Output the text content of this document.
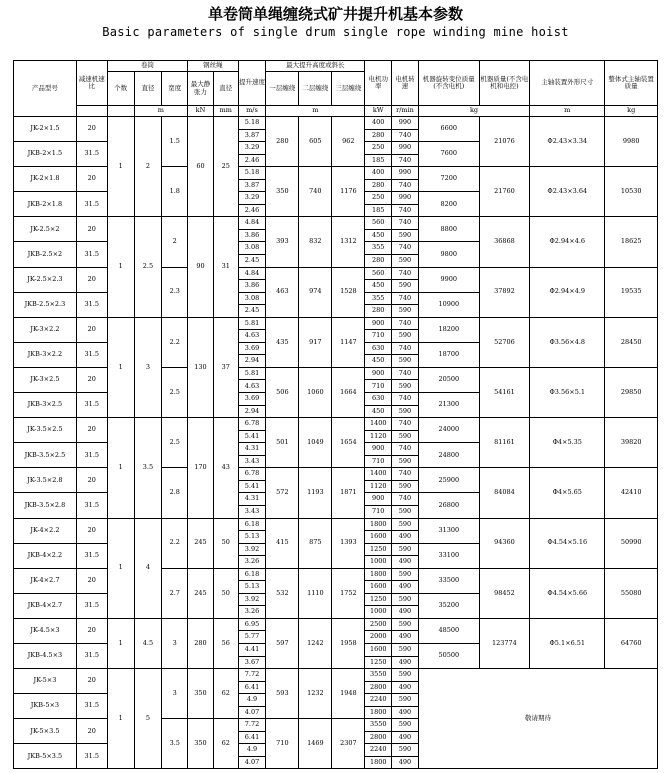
单卷筒单绳缠绕式矿井提升机基本参数
Basic parameters of single drum single rope winding mine hoist
产品型号	减速机速比	卷筒			钢丝绳		提升速度	最大提升高度或斜长			电机功率	电机转速	机器旋转变位质量(不含电机)	机器质量(不含电机和电控)	主轴装置外形尺寸	整体式主轴装置质量
		个数	直径	宽度	最大静张力	直径		一层缠绕	二层缠绕	三层缠绕						
			m		kN	mm	m/s	m			kW	r/min	kg		m	kg
JK-2×1.5	20	1	2	1.5	60	25	5.18	280	605	962	400	990	6600	21076	Φ2.43×3.34	9980
							3.87				280	740				
JKB-2×1.5	31.5						3.29				250	990	7600			
							2.46				185	740				
JK-2×1.8	20			1.8			5.18	350	740	1176	400	990	7200	21760	Φ2.43×3.64	10530
							3.87				280	740				
JKB-2×1.8	31.5						3.29				250	990	8200			
							2.46				185	740				
JK-2.5×2	20	1	2.5	2	90	31	4.84	393	832	1312	560	740	8800	36868	Φ2.94×4.6	18625
							3.86				450	590				
JKB-2.5×2	31.5						3.08				355	740	9800			
							2.45				280	590				
JK-2.5×2.3	20			2.3			4.84	463	974	1528	560	740	9900	37892	Φ2.94×4.9	19535
							3.86				450	590				
JKB-2.5×2.3	31.5						3.08				355	740	10900			
							2.45				280	590				
JK-3×2.2	20	1	3	2.2	130	37	5.81	435	917	1147	900	740	18200	52706	Φ3.56×4.8	28450
							4.63				710	590				
JKB-3×2.2	31.5						3.69				630	740	18700			
							2.94				450	590				
JK-3×2.5	20			2.5			5.81	506	1060	1664	900	740	20500	54161	Φ3.56×5.1	29850
							4.63				710	590				
JKB-3×2.5	31.5						3.69				630	740	21300			
							2.94				450	590				
JK-3.5×2.5	20	1	3.5	2.5	170	43	6.78	501	1049	1654	1400	740	24000	81161	Φ4×5.35	39820
							5.41				1120	590				
JKB-3.5×2.5	31.5						4.31				900	740	24800			
							3.43				710	590				
JK-3.5×2.8	20			2.8			6.78	572	1193	1871	1400	740	25900	84084	Φ4×5.65	42410
							5.41				1120	590				
JKB-3.5×2.8	31.5						4.31				900	740	26800			
							3.43				710	590				
JK-4×2.2	20	1	4	2.2	245	50	6.18	415	875	1393	1800	590	31300	94360	Φ4.54×5.16	50990
							5.13				1600	490				
JKB-4×2.2	31.5						3.92				1250	590	33100			
							3.26				1000	490				
JK-4×2.7	20			2.7	245	50	6.18	532	1110	1752	1800	590	33500	98452	Φ4.54×5.66	55080
							5.13				1600	490				
JKB-4×2.7	31.5						3.92				1250	590	35200			
							3.26				1000	490				
JK-4.5×3	20	1	4.5	3	280	56	6.95	597	1242	1958	2500	590	48500	123774	Φ5.1×6.51	64760
							5.77				2000	490				
JKB-4.5×3	31.5						4.41				1600	590	50500			
							3.67				1250	490				
JK-5×3	20	1	5	3	350	62	7.72	593	1232	1948	3550	590	敬请期待			
							6.41				2800	490				
JKB-5×3	31.5						4.9				2240	590				
							4.07				1800	490				
JK-5×3.5	20			3.5	350	62	7.72	710	1469	2307	3550	590				
							6.41				2800	490				
JKB-5×3.5	31.5						4.9				2240	590				
							4.07				1800	490				
